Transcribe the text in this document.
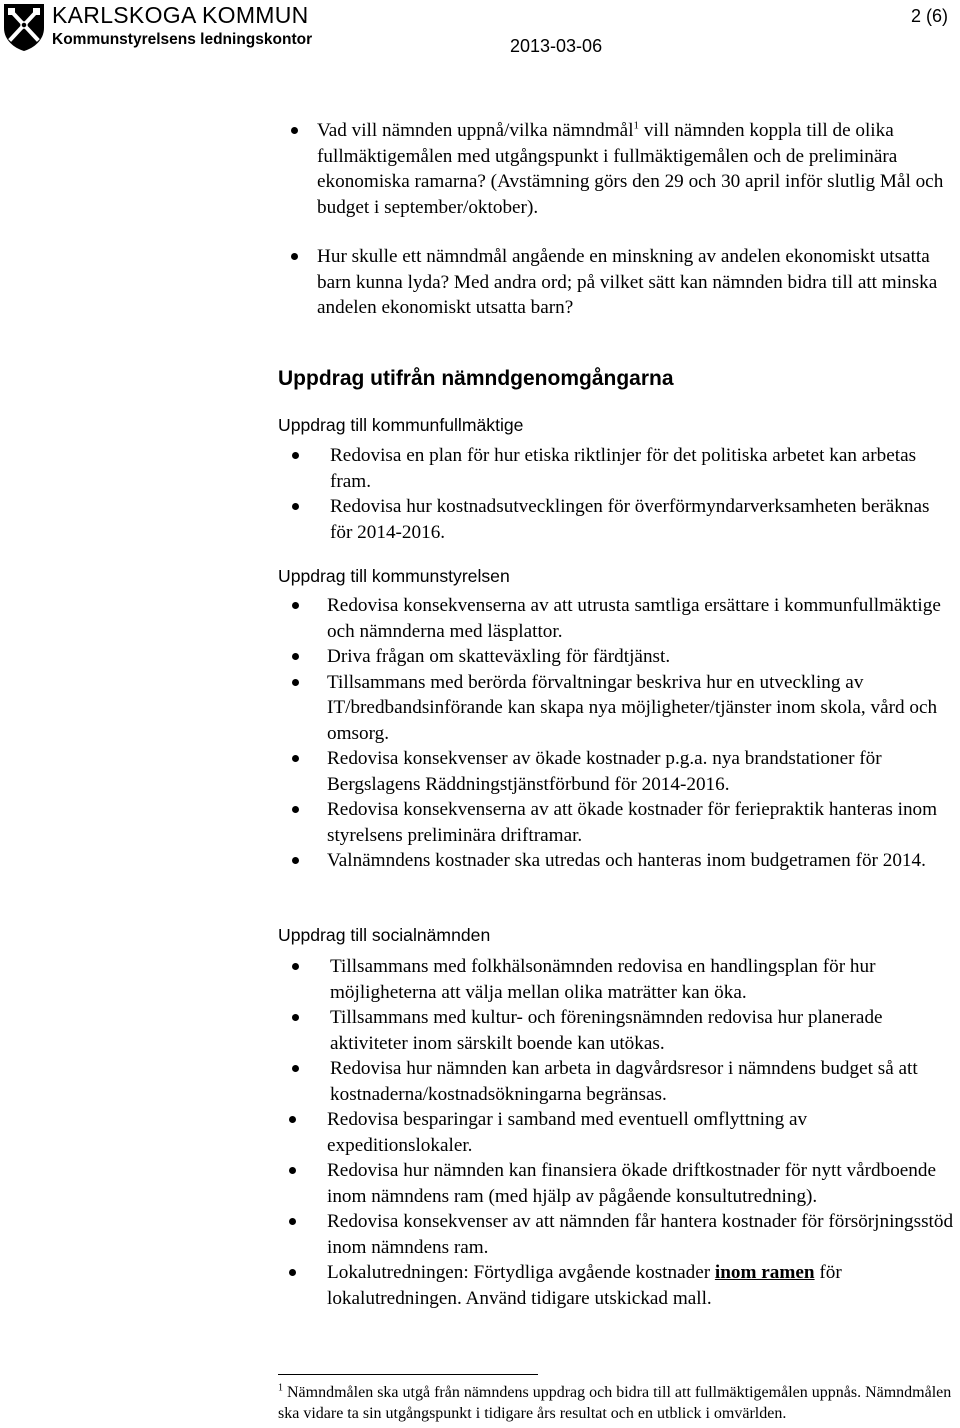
KARLSKOGA KOMMUN
Kommunstyrelsens ledningskontor
2 (6)
2013-03-06
Vad vill nämnden uppnå/vilka nämndmål$^1$ vill nämnden koppla till de olika fullmäktigemålen med utgångspunkt i fullmäktigemålen och de preliminära ekonomiska ramarna? (Avstämning görs den 29 och 30 april inför slutlig Mål och budget i september/oktober).
Hur skulle ett nämndmål angående en minskning av andelen ekonomiskt utsatta barn kunna lyda? Med andra ord; på vilket sätt kan nämnden bidra till att minska andelen ekonomiskt utsatta barn?
Uppdrag utifrån nämndgenomgångarna
Uppdrag till kommunfullmäktige
Redovisa en plan för hur etiska riktlinjer för det politiska arbetet kan arbetas fram.
Redovisa hur kostnadsutvecklingen för överförmyndarverksamheten beräknas för 2014-2016.
Uppdrag till kommunstyrelsen
Redovisa konsekvenserna av att utrusta samtliga ersättare i kommunfullmäktige och nämnderna med läsplattor.
Driva frågan om skatteväxling för färdtjänst.
Tillsammans med berörda förvaltningar beskriva hur en utveckling av IT/bredbandsinförande kan skapa nya möjligheter/tjänster inom skola, vård och omsorg.
Redovisa konsekvenser av ökade kostnader p.g.a. nya brandstationer för Bergslagens Räddningstjänstförbund för 2014-2016.
Redovisa konsekvenserna av att ökade kostnader för feriepraktik hanteras inom styrelsens preliminära driftramar.
Valnämndens kostnader ska utredas och hanteras inom budgetramen för 2014.
Uppdrag till socialnämnden
Tillsammans med folkhälsonämnden redovisa en handlingsplan för hur möjligheterna att välja mellan olika maträtter kan öka.
Tillsammans med kultur- och föreningsnämnden redovisa hur planerade aktiviteter inom särskilt boende kan utökas.
Redovisa hur nämnden kan arbeta in dagvårdsresor i nämndens budget så att kostnaderna/kostnadsökningarna begränsas.
Redovisa besparingar i samband med eventuell omflyttning av expeditionslokaler.
Redovisa hur nämnden kan finansiera ökade driftkostnader för nytt vårdboende inom nämndens ram (med hjälp av pågående konsultutredning).
Redovisa konsekvenser av att nämnden får hantera kostnader för försörjningsstöd inom nämndens ram.
Lokalutredningen: Förtydliga avgående kostnader inom ramen för lokalutredningen. Använd tidigare utskickad mall.
$^1$ Nämndmålen ska utgå från nämndens uppdrag och bidra till att fullmäktigemålen uppnås. Nämndmålen ska vidare ta sin utgångspunkt i tidigare års resultat och en utblick i omvärlden.
